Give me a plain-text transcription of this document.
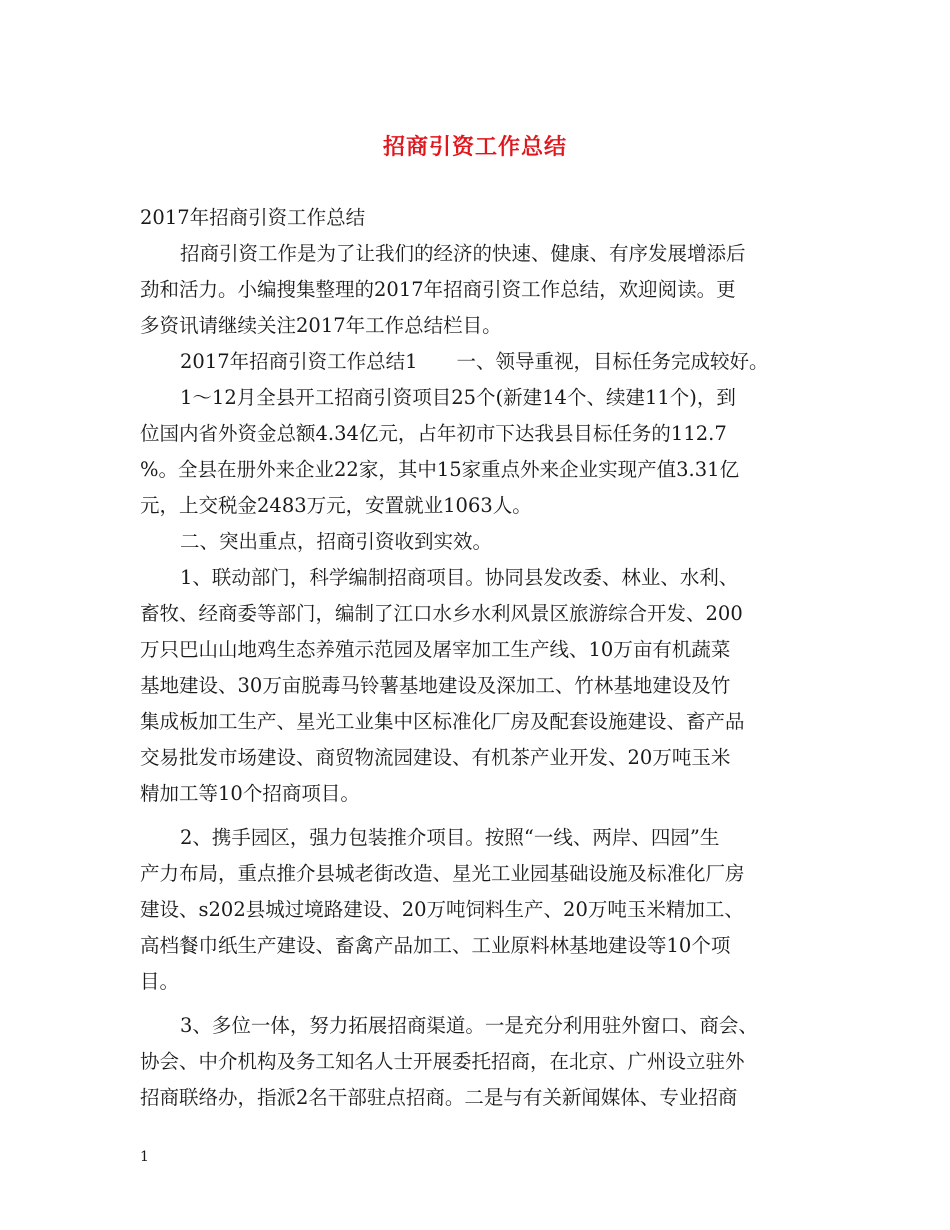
招商引资工作总结
2017年招商引资工作总结
招商引资工作是为了让我们的经济的快速、健康、有序发展增添后
劲和活力。小编搜集整理的2017年招商引资工作总结，欢迎阅读。更
多资讯请继续关注2017年工作总结栏目。
2017年招商引资工作总结1　　一、领导重视，目标任务完成较好。
1～12月全县开工招商引资项目25个(新建14个、续建11个)，到
位国内省外资金总额4.34亿元，占年初市下达我县目标任务的112.7
%。全县在册外来企业22家，其中15家重点外来企业实现产值3.31亿
元，上交税金2483万元，安置就业1063人。
二、突出重点，招商引资收到实效。
1、联动部门，科学编制招商项目。协同县发改委、林业、水利、
畜牧、经商委等部门，编制了江口水乡水利风景区旅游综合开发、200
万只巴山山地鸡生态养殖示范园及屠宰加工生产线、10万亩有机蔬菜
基地建设、30万亩脱毒马铃薯基地建设及深加工、竹林基地建设及竹
集成板加工生产、星光工业集中区标准化厂房及配套设施建设、畜产品
交易批发市场建设、商贸物流园建设、有机茶产业开发、20万吨玉米
精加工等10个招商项目。
2、携手园区，强力包装推介项目。按照“一线、两岸、四园”生
产力布局，重点推介县城老街改造、星光工业园基础设施及标准化厂房
建设、s202县城过境路建设、20万吨饲料生产、20万吨玉米精加工、
高档餐巾纸生产建设、畜禽产品加工、工业原料林基地建设等10个项
目。
3、多位一体，努力拓展招商渠道。一是充分利用驻外窗口、商会、
协会、中介机构及务工知名人士开展委托招商，在北京、广州设立驻外
招商联络办，指派2名干部驻点招商。二是与有关新闻媒体、专业招商
1
